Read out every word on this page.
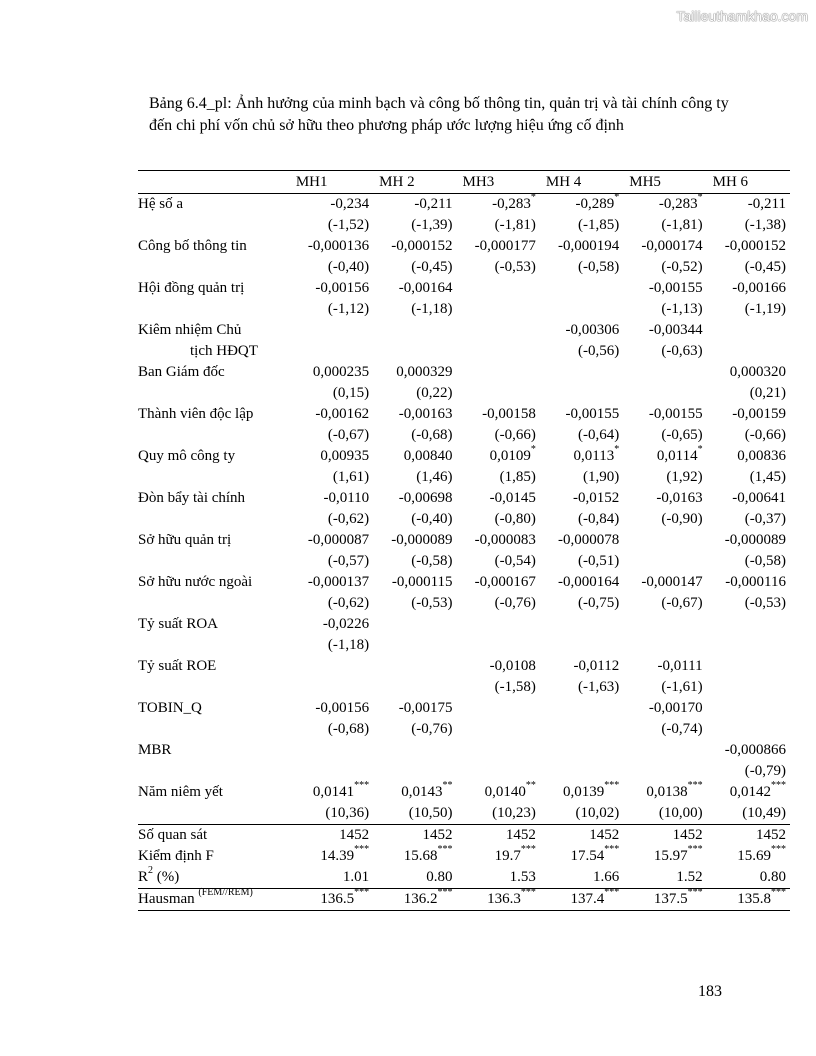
Tailieuthamkhao.com
Bảng 6.4_pl: Ảnh hưởng của minh bạch và công bố thông tin, quản trị và tài chính công ty đến chi phí vốn chủ sở hữu theo phương pháp ước lượng hiệu ứng cố định
	MH1	MH 2	MH3	MH 4	MH5	MH 6
Hệ số a	-0,234	-0,211	-0,283*	-0,289*	-0,283*	-0,211
	(-1,52)	(-1,39)	(-1,81)	(-1,85)	(-1,81)	(-1,38)
Công bố thông tin	-0,000136	-0,000152	-0,000177	-0,000194	-0,000174	-0,000152
	(-0,40)	(-0,45)	(-0,53)	(-0,58)	(-0,52)	(-0,45)
Hội đồng quản trị	-0,00156	-0,00164			-0,00155	-0,00166
	(-1,12)	(-1,18)			(-1,13)	(-1,19)
Kiêm nhiệm Chủ				-0,00306	-0,00344	
tịch HĐQT				(-0,56)	(-0,63)	
Ban Giám đốc	0,000235	0,000329				0,000320
	(0,15)	(0,22)				(0,21)
Thành viên độc lập	-0,00162	-0,00163	-0,00158	-0,00155	-0,00155	-0,00159
	(-0,67)	(-0,68)	(-0,66)	(-0,64)	(-0,65)	(-0,66)
Quy mô công ty	0,00935	0,00840	0,0109*	0,0113*	0,0114*	0,00836
	(1,61)	(1,46)	(1,85)	(1,90)	(1,92)	(1,45)
Đòn bẩy tài chính	-0,0110	-0,00698	-0,0145	-0,0152	-0,0163	-0,00641
	(-0,62)	(-0,40)	(-0,80)	(-0,84)	(-0,90)	(-0,37)
Sở hữu quản trị	-0,000087	-0,000089	-0,000083	-0,000078		-0,000089
	(-0,57)	(-0,58)	(-0,54)	(-0,51)		(-0,58)
Sở hữu nước ngoài	-0,000137	-0,000115	-0,000167	-0,000164	-0,000147	-0,000116
	(-0,62)	(-0,53)	(-0,76)	(-0,75)	(-0,67)	(-0,53)
Tỷ suất ROA	-0,0226					
	(-1,18)					
Tỷ suất ROE			-0,0108	-0,0112	-0,0111	
			(-1,58)	(-1,63)	(-1,61)	
TOBIN_Q	-0,00156	-0,00175			-0,00170	
	(-0,68)	(-0,76)			(-0,74)	
MBR						-0,000866
						(-0,79)
Năm niêm yết	0,0141***	0,0143**	0,0140**	0,0139***	0,0138***	0,0142***
	(10,36)	(10,50)	(10,23)	(10,02)	(10,00)	(10,49)
Số quan sát	1452	1452	1452	1452	1452	1452
Kiểm định F	14.39***	15.68***	19.7***	17.54***	15.97***	15.69***
$R^2$ (%)	1.01	0.80	1.53	1.66	1.52	0.80
Hausman $^{(FEM//REM)}$	136.5***	136.2***	136.3***	137.4***	137.5***	135.8***
183
